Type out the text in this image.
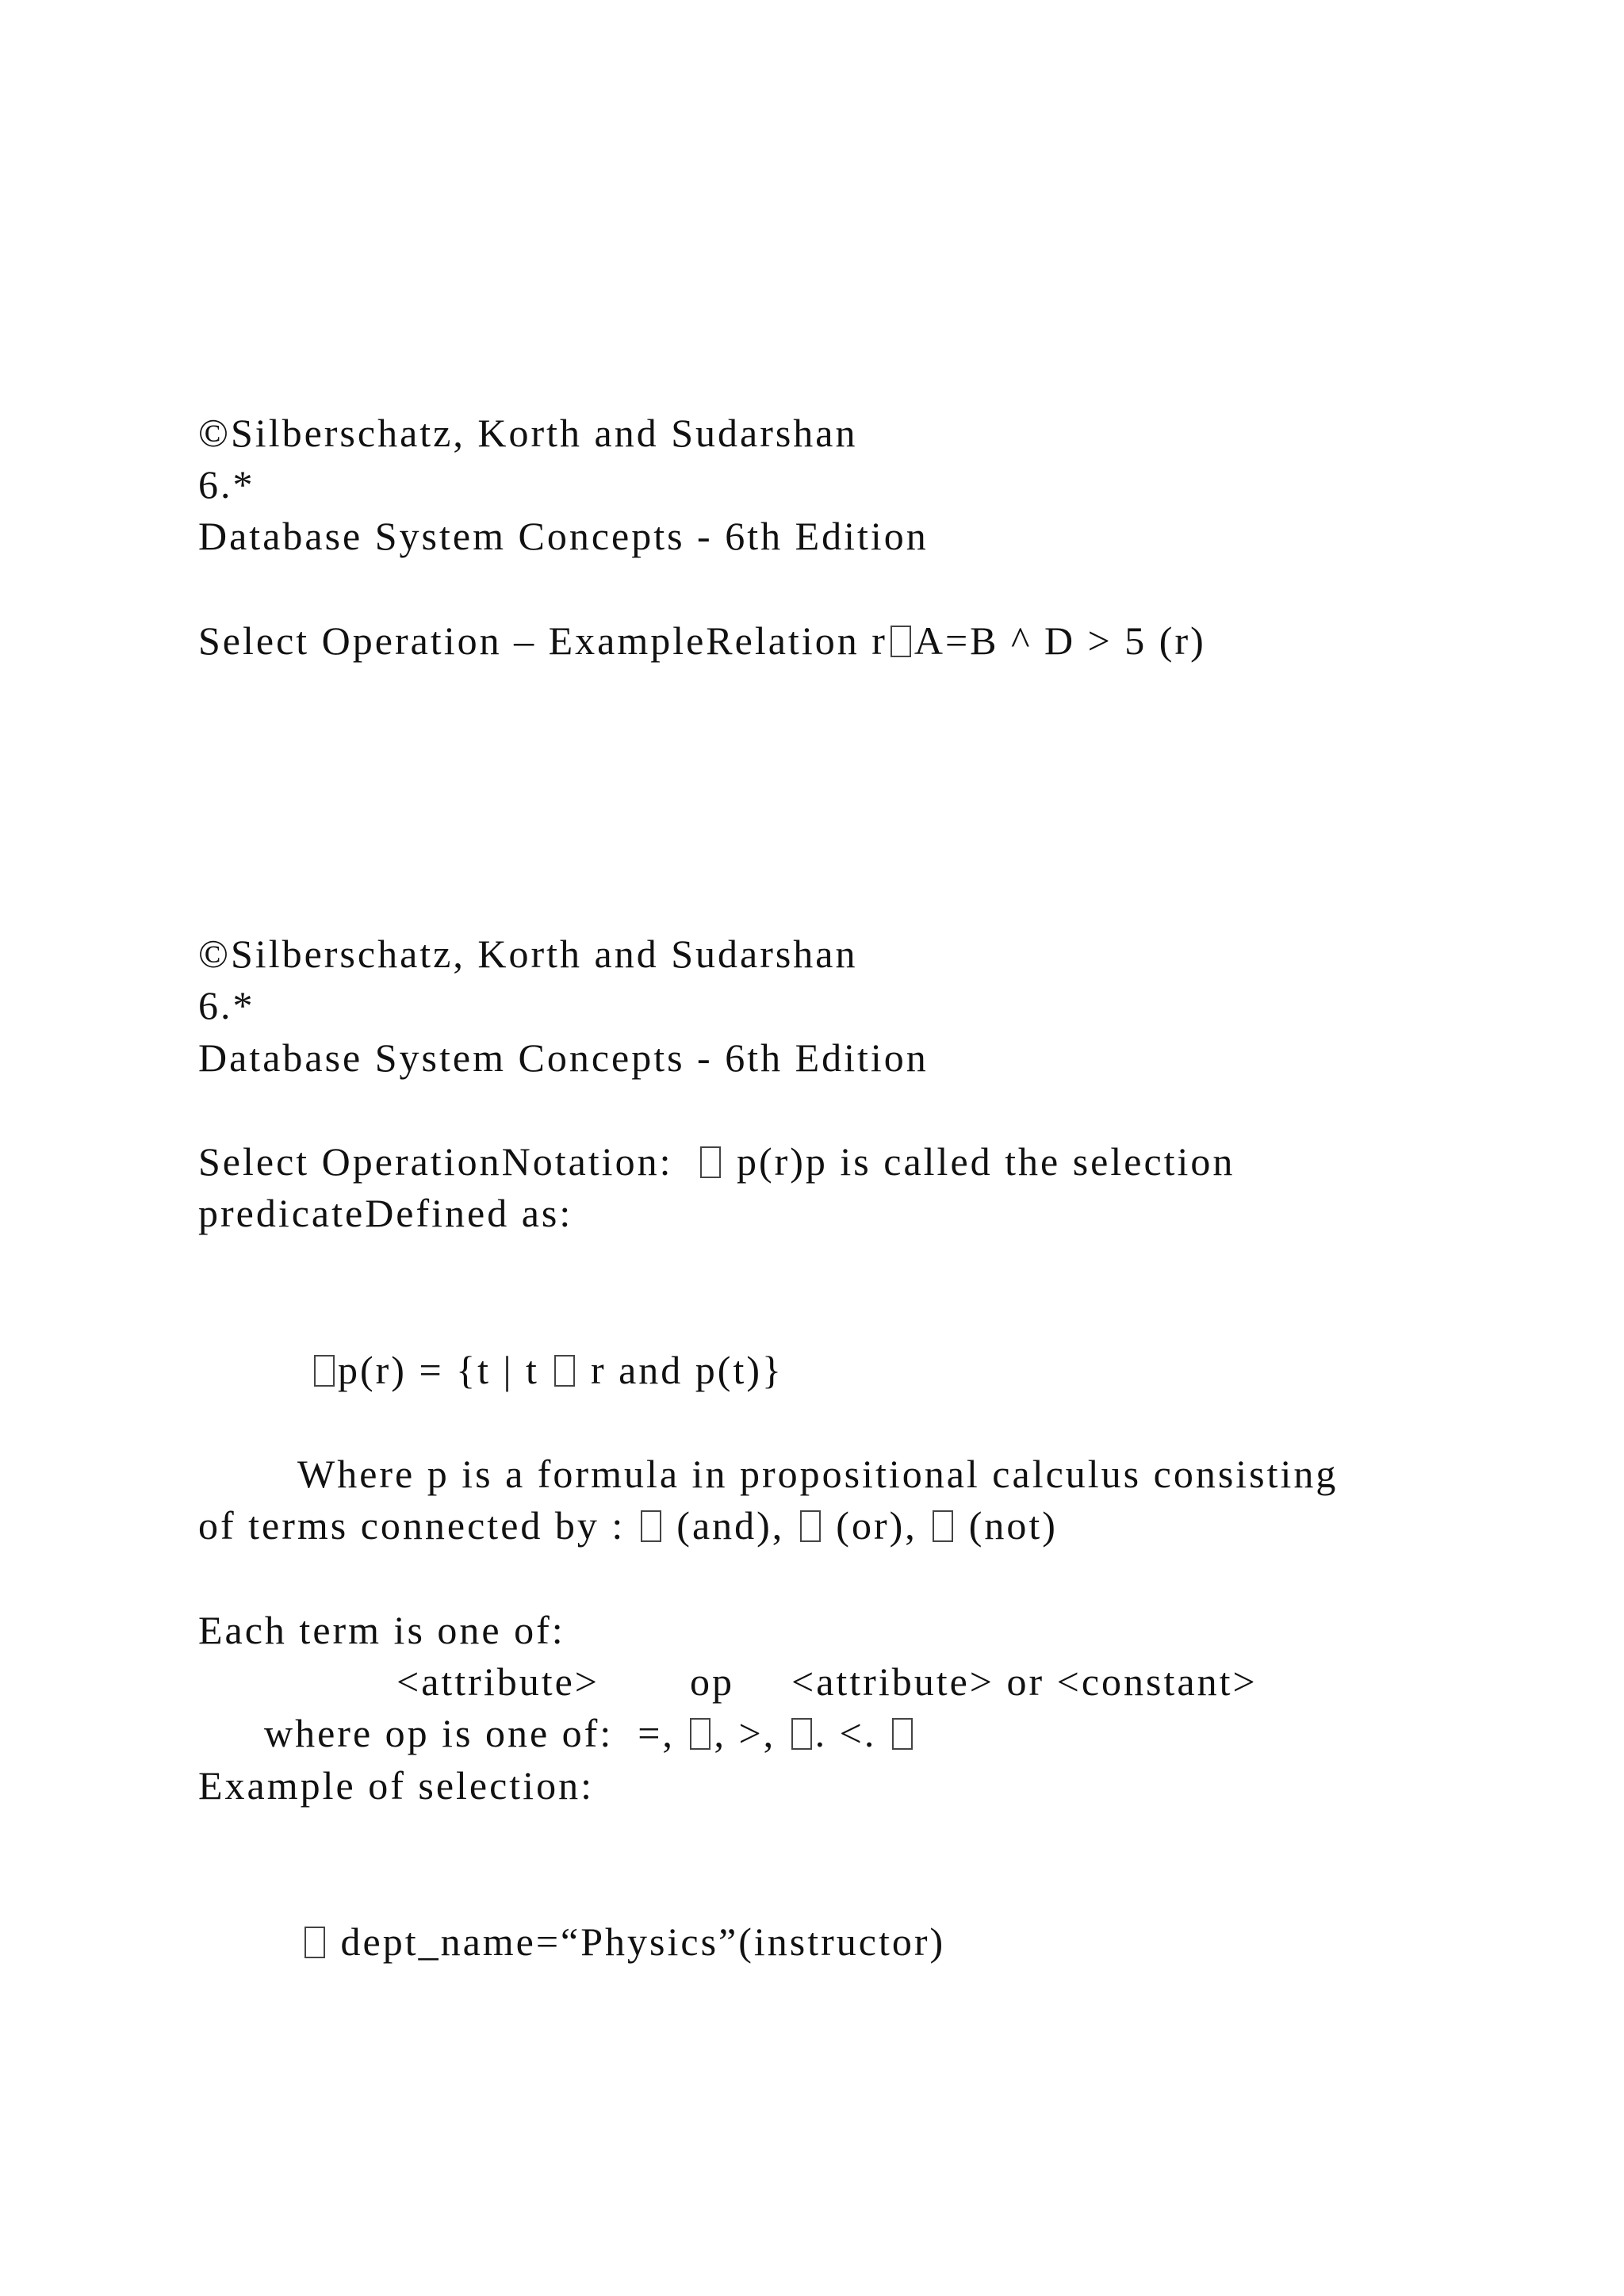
©Silberschatz, Korth and Sudarshan
6.*
Database System Concepts - 6th Edition
Select Operation – ExampleRelation r A=B ^ D > 5 (r)
©Silberschatz, Korth and Sudarshan
6.*
Database System Concepts - 6th Edition
Select OperationNotation:   p(r)p is called the selection
predicateDefined as:
p(r) = {t | t  r and p(t)}
Where p is a formula in propositional calculus consisting
of terms connected by :  (and),  (or),  (not)
Each term is one of:
<attribute> op <attribute> or <constant>
where op is one of:  =, , >, . <.
Example of selection:
dept_name=“Physics”(instructor)
